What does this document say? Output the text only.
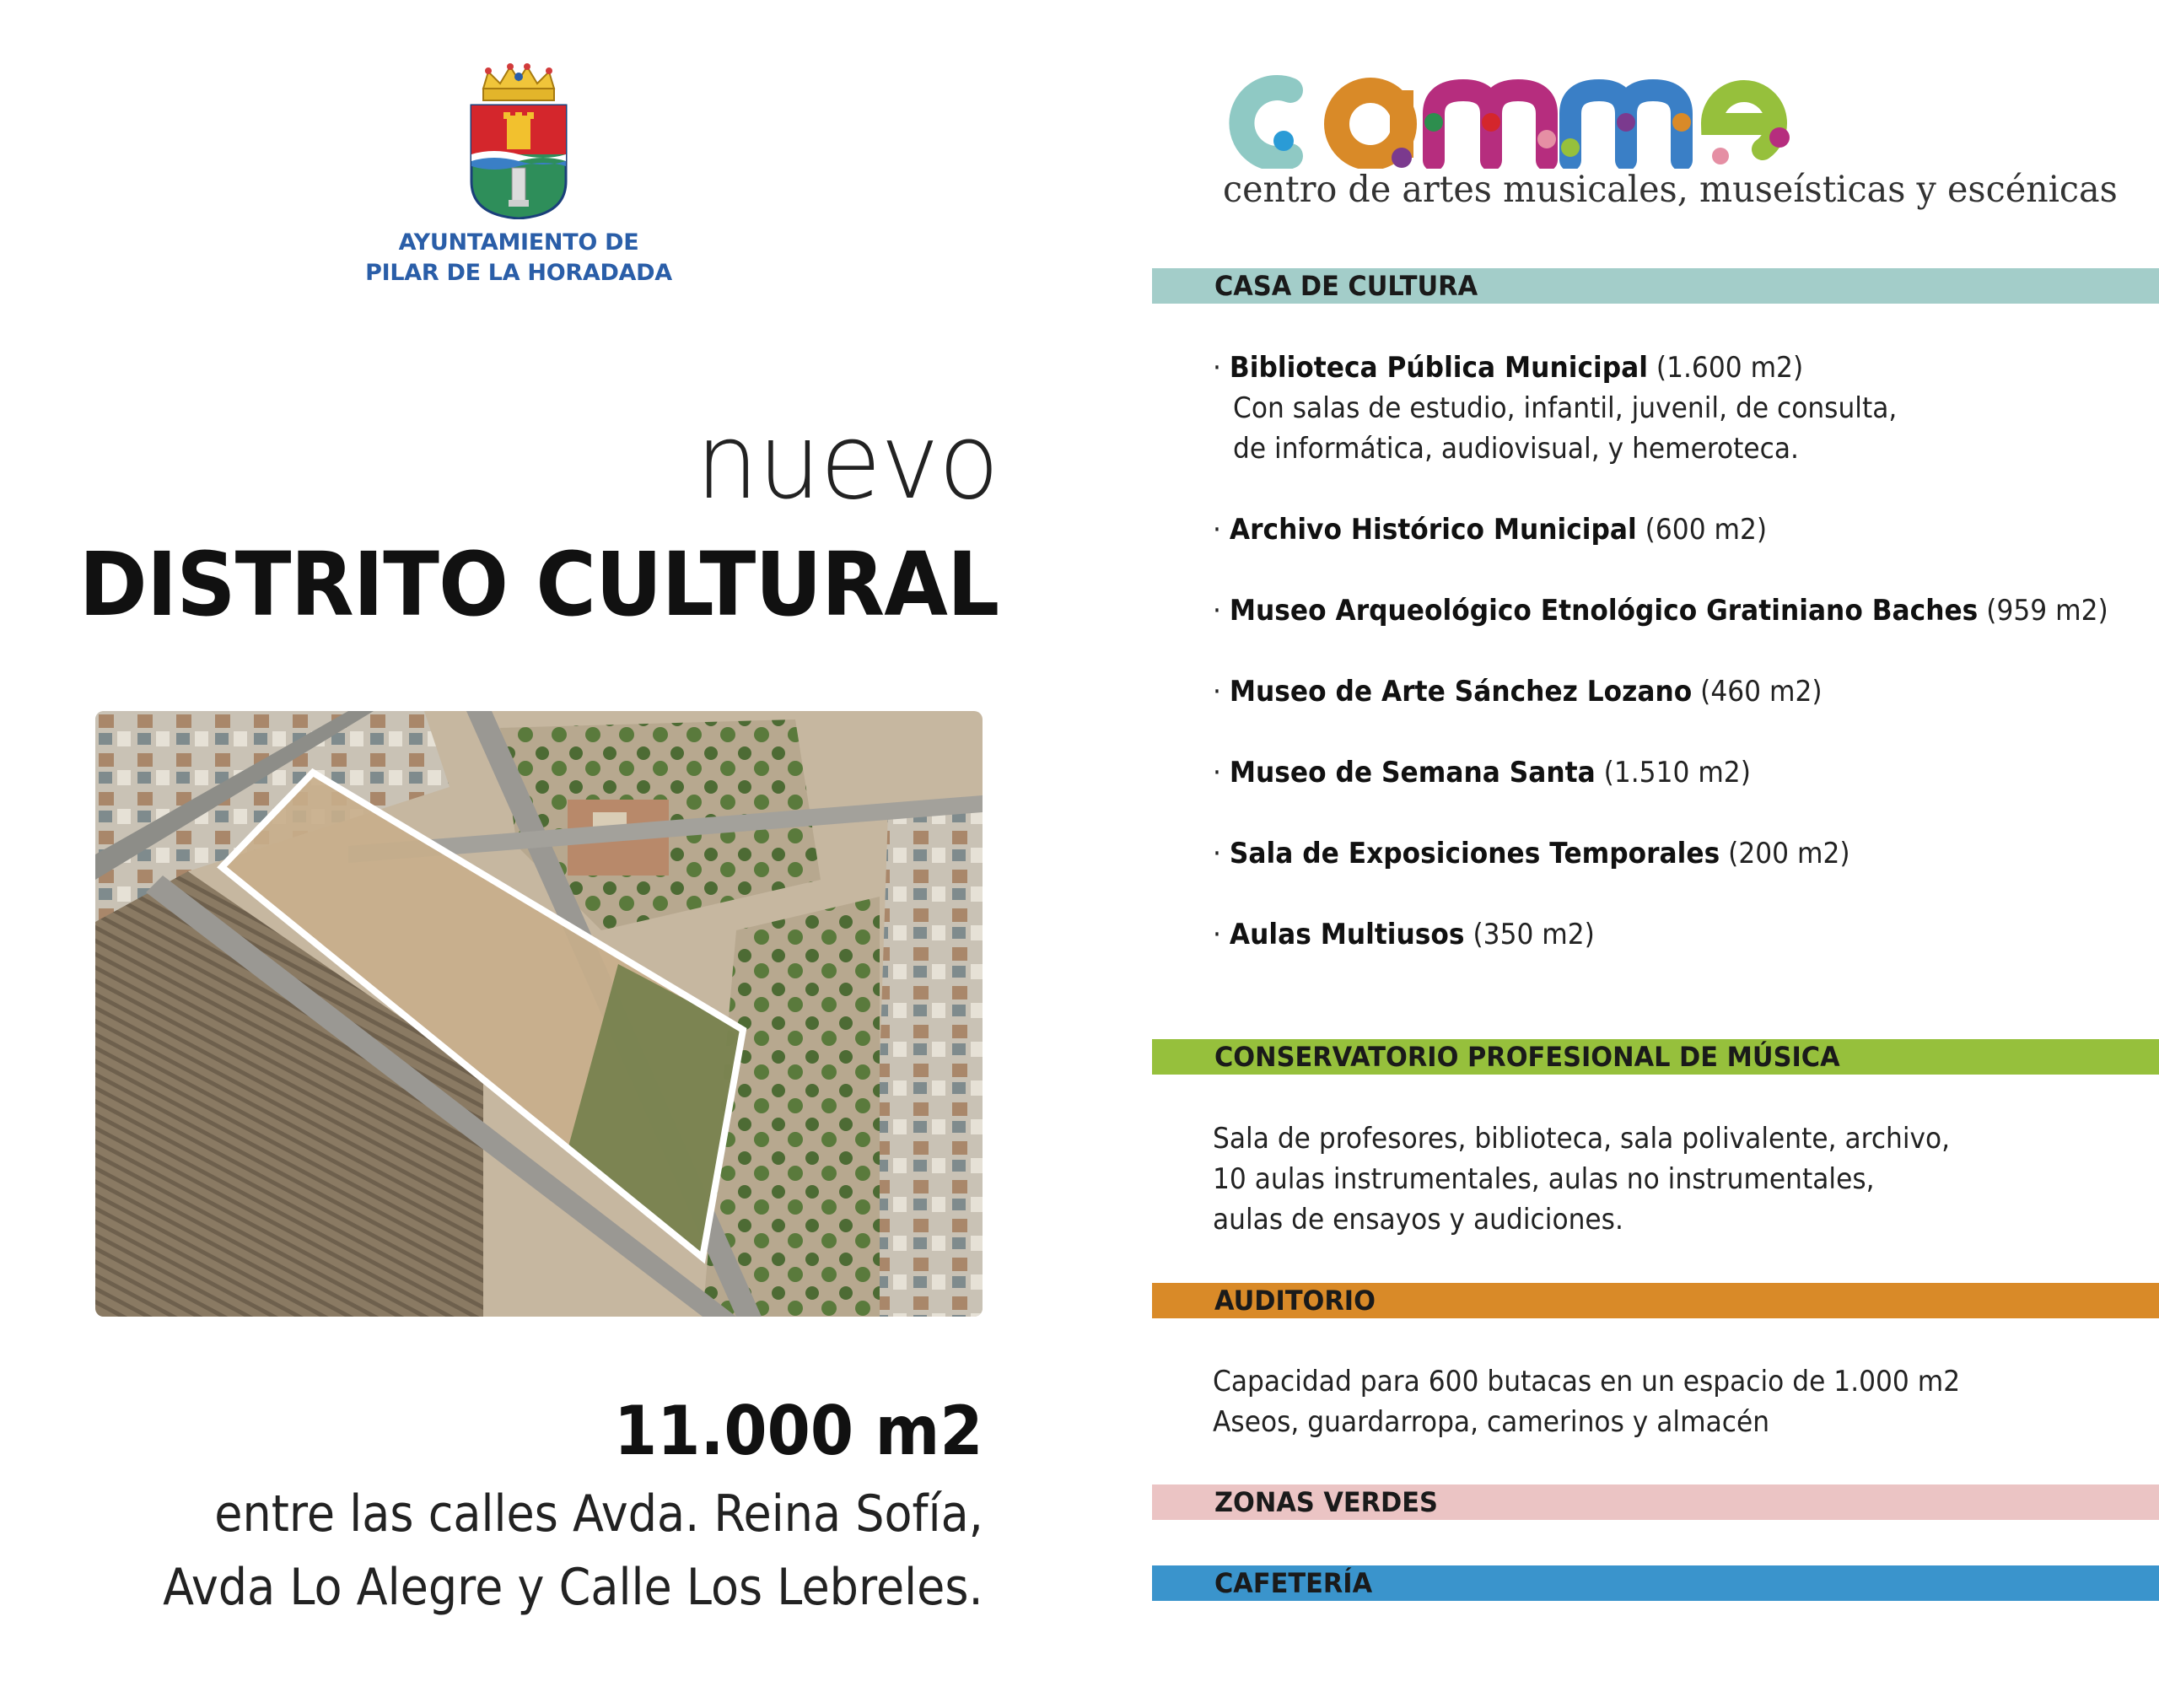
AYUNTAMIENTO DE
PILAR DE LA HORADADA
nuevo
DISTRITO CULTURAL
11.000 m2
entre las calles Avda. Reina Sofía,
Avda Lo Alegre y Calle Los Lebreles.
centro de artes musicales, museísticas y escénicas
CASA DE CULTURA
· Biblioteca Pública Municipal (1.600 m2)
Con salas de estudio, infantil, juvenil, de consulta,
de informática, audiovisual, y hemeroteca.
· Archivo Histórico Municipal (600 m2)
· Museo Arqueológico Etnológico Gratiniano Baches (959 m2)
· Museo de Arte Sánchez Lozano (460 m2)
· Museo de Semana Santa (1.510 m2)
· Sala de Exposiciones Temporales (200 m2)
· Aulas Multiusos (350 m2)
CONSERVATORIO PROFESIONAL DE MÚSICA
Sala de profesores, biblioteca, sala polivalente, archivo,
10 aulas instrumentales, aulas no instrumentales,
aulas de ensayos y audiciones.
AUDITORIO
Capacidad para 600 butacas en un espacio de 1.000 m2
Aseos, guardarropa, camerinos y almacén
ZONAS VERDES
CAFETERÍA
